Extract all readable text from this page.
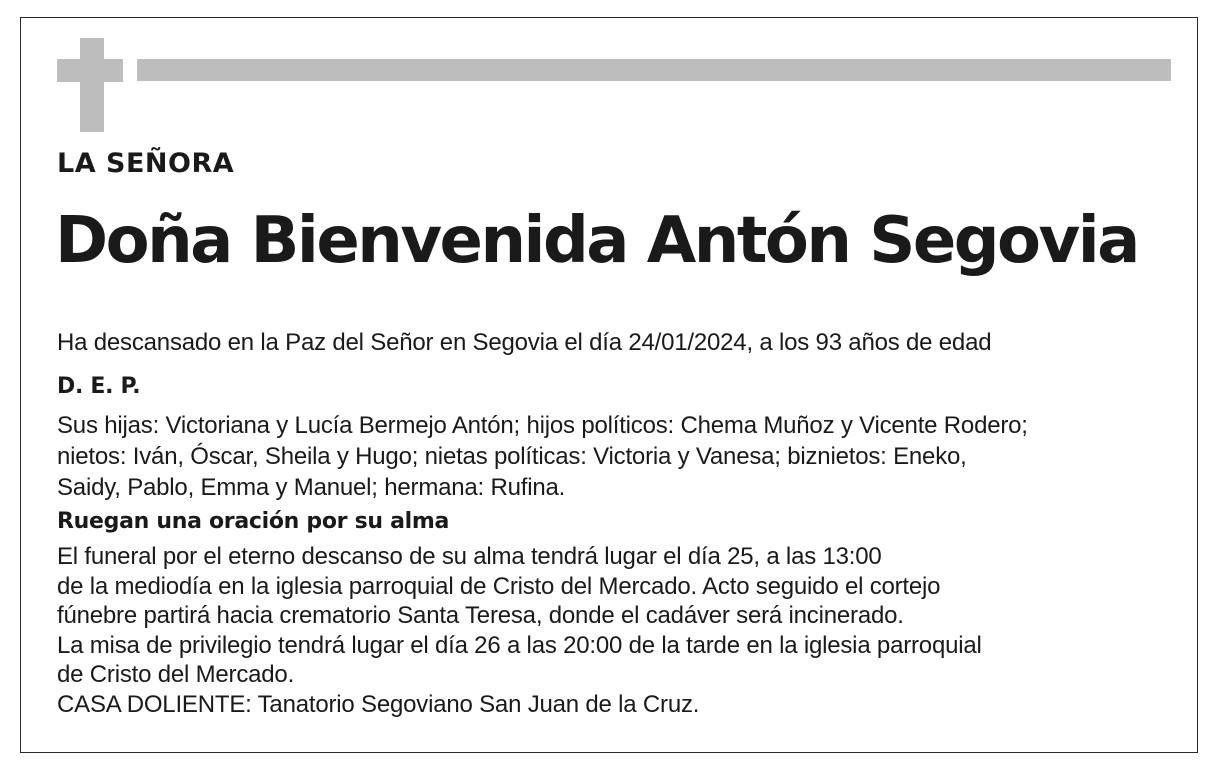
LA SEÑORA
Doña Bienvenida Antón Segovia
Ha descansado en la Paz del Señor en Segovia el día 24/01/2024, a los 93 años de edad
D. E. P.
Sus hijas: Victoriana y Lucía Bermejo Antón; hijos políticos: Chema Muñoz y Vicente Rodero;
nietos: Iván, Óscar, Sheila y Hugo; nietas políticas: Victoria y Vanesa; biznietos: Eneko,
Saidy, Pablo, Emma y Manuel; hermana: Rufina.
Ruegan una oración por su alma
El funeral por el eterno descanso de su alma tendrá lugar el día 25, a las 13:00
de la mediodía en la iglesia parroquial de Cristo del Mercado. Acto seguido el cortejo
fúnebre partirá hacia crematorio Santa Teresa, donde el cadáver será incinerado.
La misa de privilegio tendrá lugar el día 26 a las 20:00 de la tarde en la iglesia parroquial
de Cristo del Mercado.
CASA DOLIENTE: Tanatorio Segoviano San Juan de la Cruz.
